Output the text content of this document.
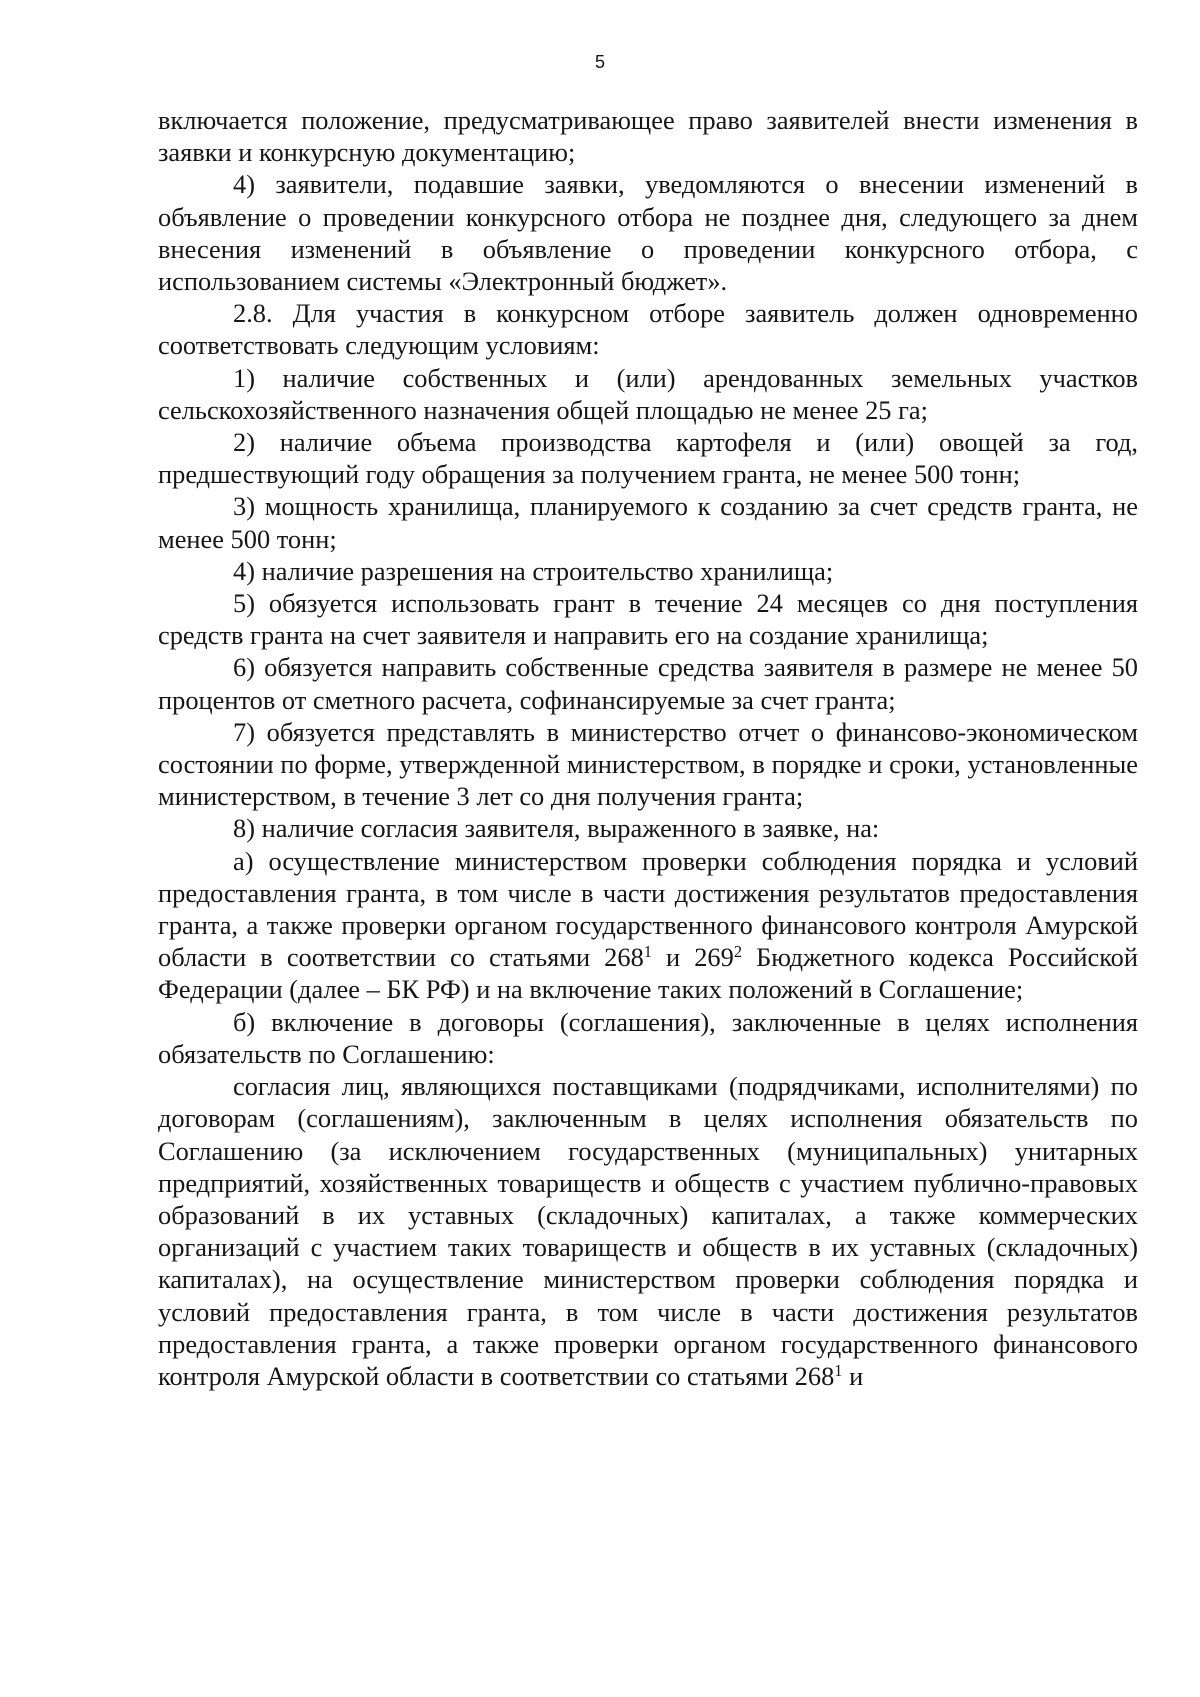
5

включается положение, предусматривающее право заявителей внести изменения в заявки и конкурсную документацию;

4) заявители, подавшие заявки, уведомляются о внесении изменений в объявление о проведении конкурсного отбора не позднее дня, следующего за днем внесения изменений в объявление о проведении конкурсного отбора, с использованием системы «Электронный бюджет».

2.8. Для участия в конкурсном отборе заявитель должен одновременно соответствовать следующим условиям:

1) наличие собственных и (или) арендованных земельных участков сельскохозяйственного назначения общей площадью не менее 25 га;

2) наличие объема производства картофеля и (или) овощей за год, предшествующий году обращения за получением гранта, не менее 500 тонн;

3) мощность хранилища, планируемого к созданию за счет средств гранта, не менее 500 тонн;

4) наличие разрешения на строительство хранилища;

5) обязуется использовать грант в течение 24 месяцев со дня поступления средств гранта на счет заявителя и направить его на создание хранилища;

6) обязуется направить собственные средства заявителя в размере не менее 50 процентов от сметного расчета, софинансируемые за счет гранта;

7) обязуется представлять в министерство отчет о финансово-экономическом состоянии по форме, утвержденной министерством, в порядке и сроки, установленные министерством, в течение 3 лет со дня получения гранта;

8) наличие согласия заявителя, выраженного в заявке, на:

а) осуществление министерством проверки соблюдения порядка и условий предоставления гранта, в том числе в части достижения результатов предоставления гранта, а также проверки органом государственного финансового контроля Амурской области в соответствии со статьями $268^1$ и $269^2$ Бюджетного кодекса Российской Федерации (далее – БК РФ) и на включение таких положений в Соглашение;

б) включение в договоры (соглашения), заключенные в целях исполнения обязательств по Соглашению:

согласия лиц, являющихся поставщиками (подрядчиками, исполнителями) по договорам (соглашениям), заключенным в целях исполнения обязательств по Соглашению (за исключением государственных (муниципальных) унитарных предприятий, хозяйственных товариществ и обществ с участием публично-правовых образований в их уставных (складочных) капиталах, а также коммерческих организаций с участием таких товариществ и обществ в их уставных (складочных) капиталах), на осуществление министерством проверки соблюдения порядка и условий предоставления гранта, в том числе в части достижения результатов предоставления гранта, а также проверки органом государственного финансового контроля Амурской области в соответствии со статьями $268^1$ и
